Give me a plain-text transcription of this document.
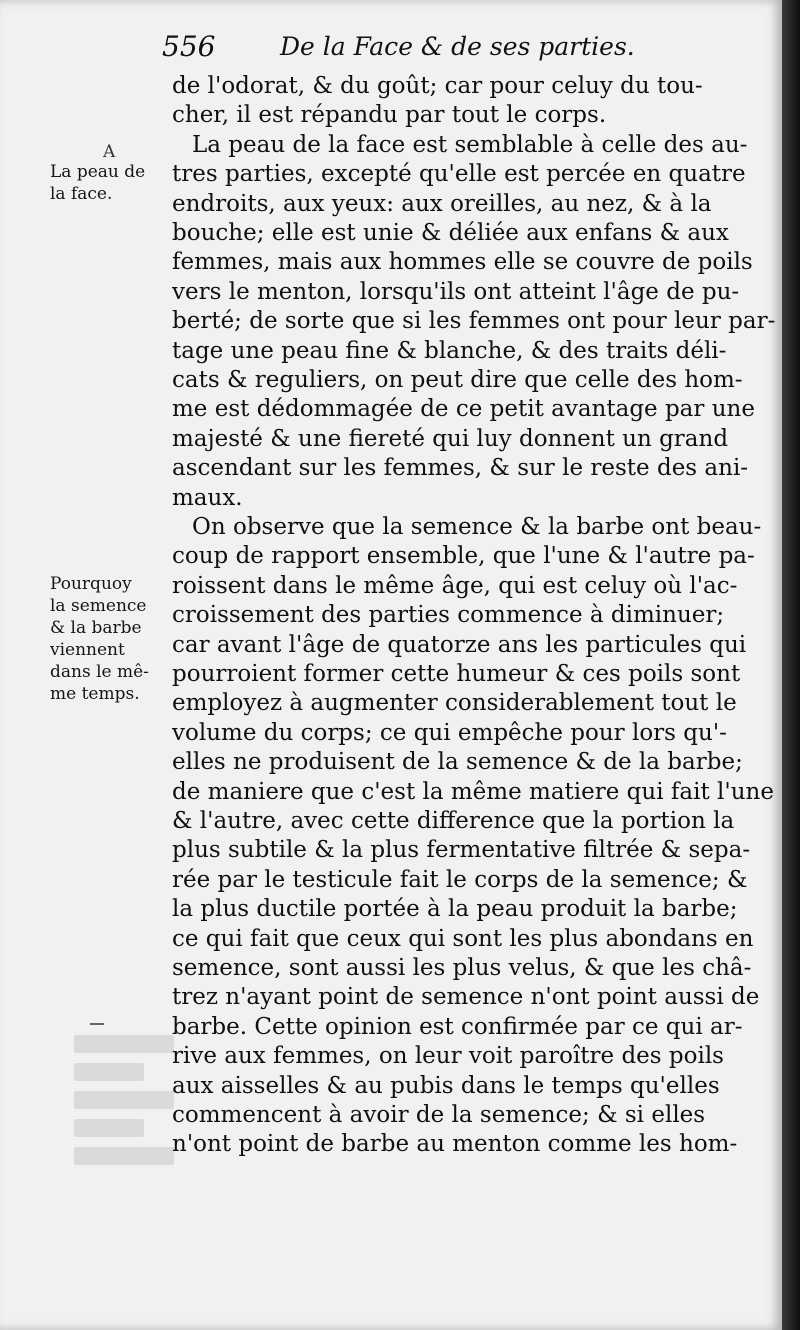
556	De la Face & de ses parties.
A
La peau de
la face.
Pourquoy
la semence
& la barbe
viennent
dans le mê-
me temps.
de l'odorat, & du goût; car pour celuy du tou-
cher, il est répandu par tout le corps.
La peau de la face est semblable à celle des au-
tres parties, excepté qu'elle est percée en quatre
endroits, aux yeux: aux oreilles, au nez, & à la
bouche; elle est unie & déliée aux enfans & aux
femmes, mais aux hommes elle se couvre de poils
vers le menton, lorsqu'ils ont atteint l'âge de pu-
berté; de sorte que si les femmes ont pour leur par-
tage une peau fine & blanche, & des traits déli-
cats & reguliers, on peut dire que celle des hom-
me est dédommagée de ce petit avantage par une
majesté & une fiereté qui luy donnent un grand
ascendant sur les femmes, & sur le reste des ani-
maux.
On observe que la semence & la barbe ont beau-
coup de rapport ensemble, que l'une & l'autre pa-
roissent dans le même âge, qui est celuy où l'ac-
croissement des parties commence à diminuer;
car avant l'âge de quatorze ans les particules qui
pourroient former cette humeur & ces poils sont
employez à augmenter considerablement tout le
volume du corps; ce qui empêche pour lors qu'-
elles ne produisent de la semence & de la barbe;
de maniere que c'est la même matiere qui fait l'une
& l'autre, avec cette difference que la portion la
plus subtile & la plus fermentative filtrée & sepa-
rée par le testicule fait le corps de la semence; &
la plus ductile portée à la peau produit la barbe;
ce qui fait que ceux qui sont les plus abondans en
semence, sont aussi les plus velus, & que les châ-
trez n'ayant point de semence n'ont point aussi de
barbe. Cette opinion est confirmée par ce qui ar-
rive aux femmes, on leur voit paroître des poils
aux aisselles & au pubis dans le temps qu'elles
commencent à avoir de la semence; & si elles
n'ont point de barbe au menton comme les hom-
